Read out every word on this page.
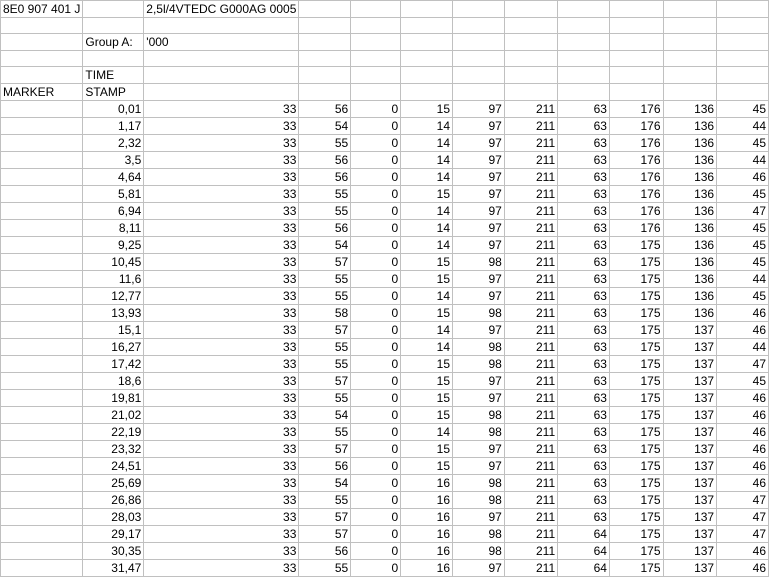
8E0 907 401 J		2,5l/4VTEDC G000AG 0005									

	Group A:	'000									

	TIME										
MARKER	STAMP										
	0,01	33	56	0	15	97	211	63	176	136	45
	1,17	33	54	0	14	97	211	63	176	136	44
	2,32	33	55	0	14	97	211	63	176	136	45
	3,5	33	56	0	14	97	211	63	176	136	44
	4,64	33	56	0	14	97	211	63	176	136	46
	5,81	33	55	0	15	97	211	63	176	136	45
	6,94	33	55	0	14	97	211	63	176	136	47
	8,11	33	56	0	14	97	211	63	176	136	45
	9,25	33	54	0	14	97	211	63	175	136	45
	10,45	33	57	0	15	98	211	63	175	136	45
	11,6	33	55	0	15	97	211	63	175	136	44
	12,77	33	55	0	14	97	211	63	175	136	45
	13,93	33	58	0	15	98	211	63	175	136	46
	15,1	33	57	0	14	97	211	63	175	137	46
	16,27	33	55	0	14	98	211	63	175	137	44
	17,42	33	55	0	15	98	211	63	175	137	47
	18,6	33	57	0	15	97	211	63	175	137	45
	19,81	33	55	0	15	97	211	63	175	137	46
	21,02	33	54	0	15	98	211	63	175	137	46
	22,19	33	55	0	14	98	211	63	175	137	46
	23,32	33	57	0	15	97	211	63	175	137	46
	24,51	33	56	0	15	97	211	63	175	137	46
	25,69	33	54	0	16	98	211	63	175	137	46
	26,86	33	55	0	16	98	211	63	175	137	47
	28,03	33	57	0	16	97	211	63	175	137	47
	29,17	33	57	0	16	98	211	64	175	137	47
	30,35	33	56	0	16	98	211	64	175	137	46
	31,47	33	55	0	16	97	211	64	175	137	46
